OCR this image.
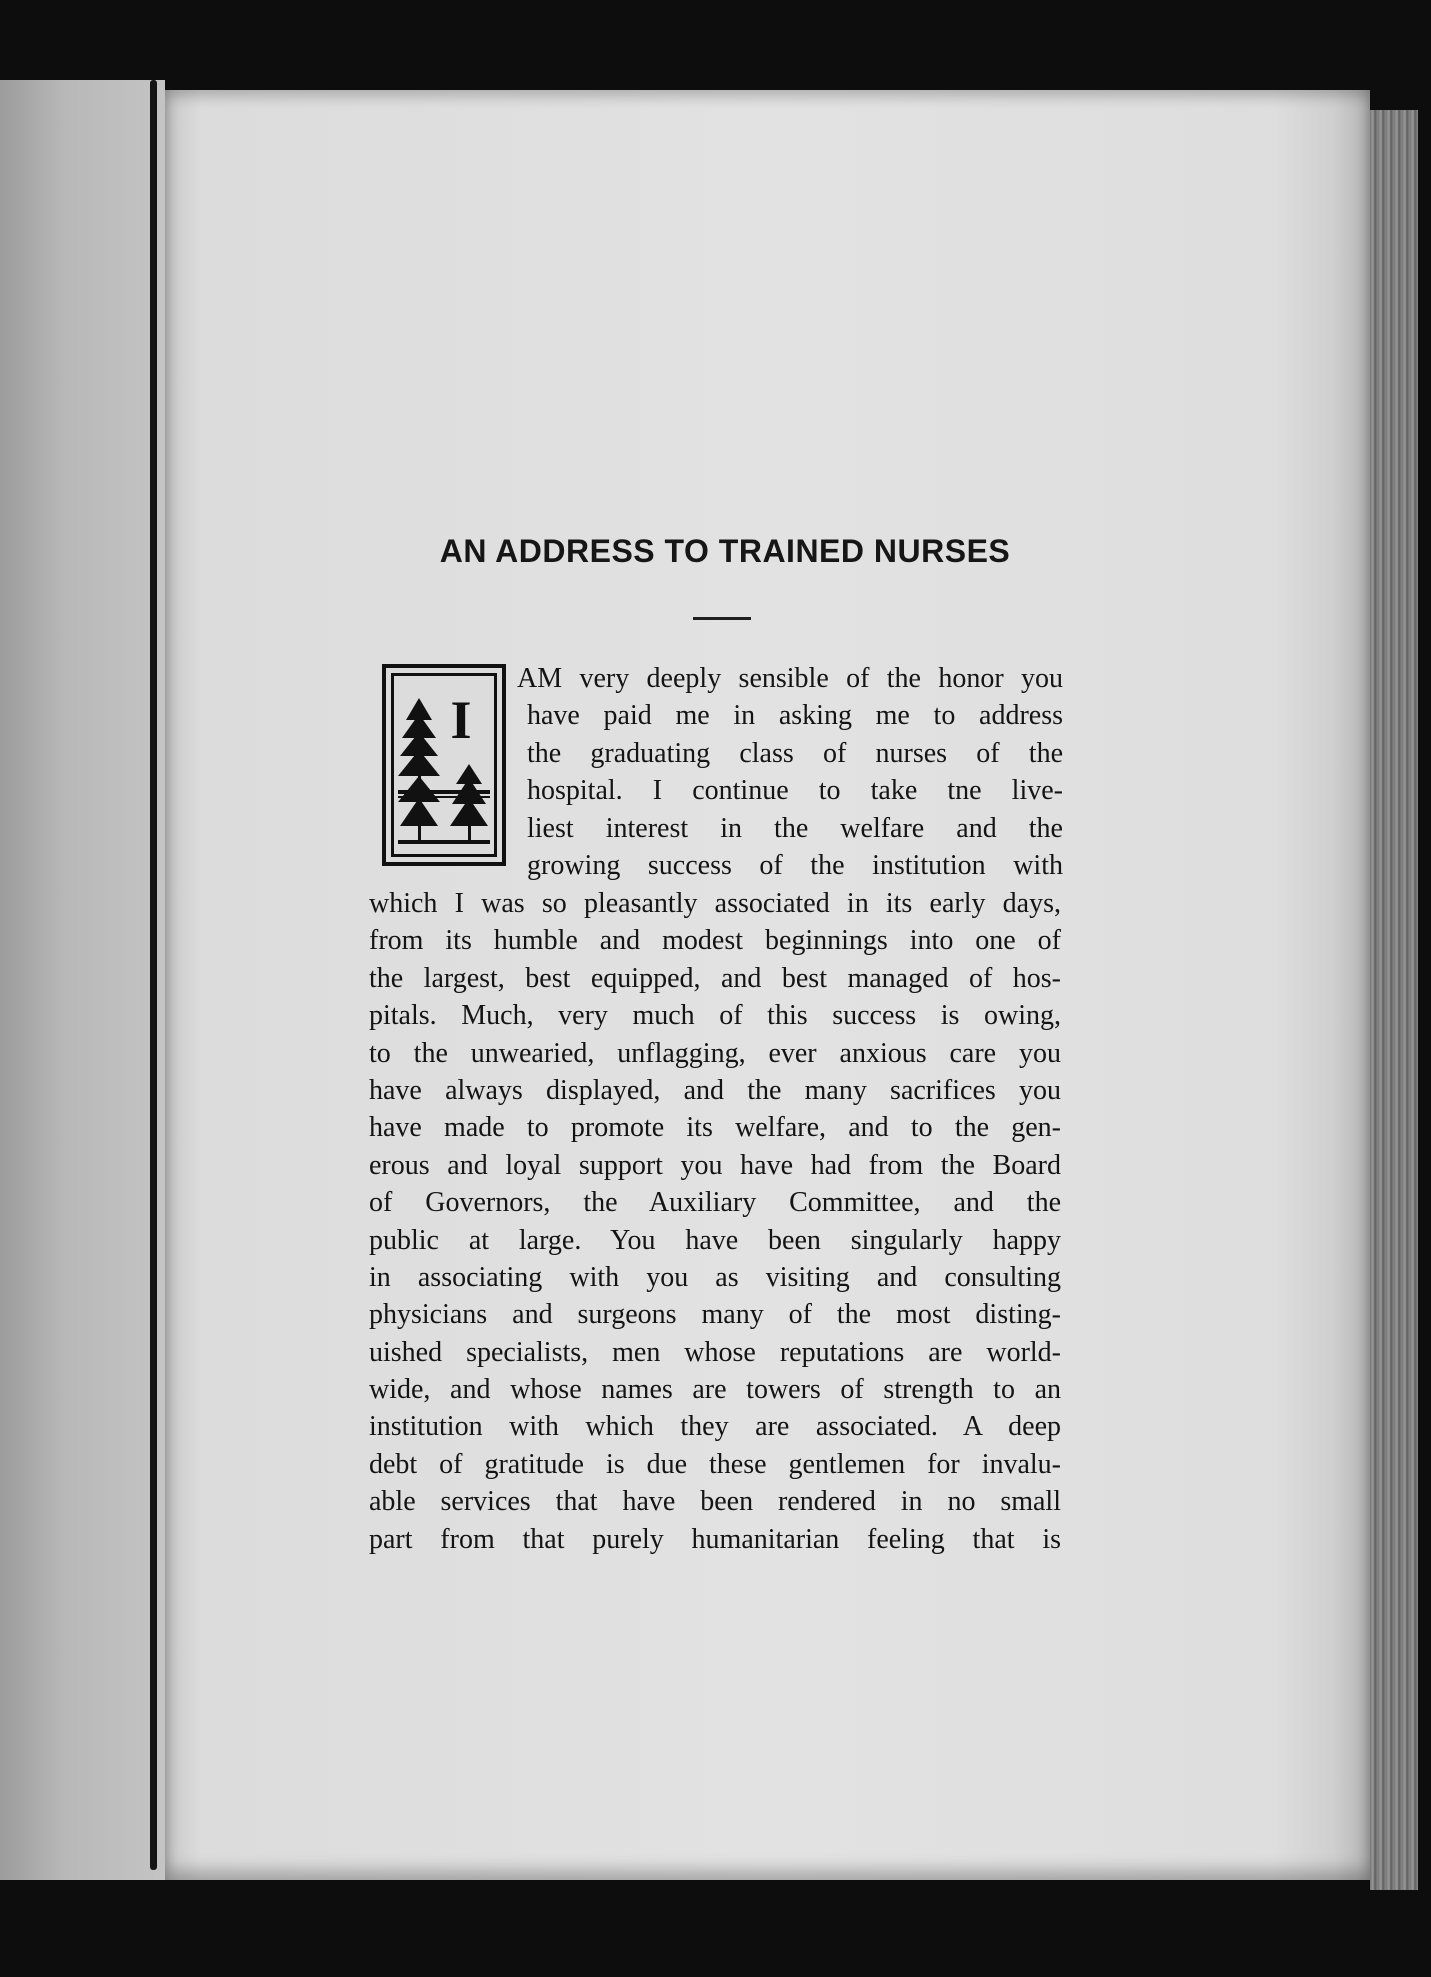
AN ADDRESS TO TRAINED NURSES
I
AM very deeply sensible of the honor you
have paid me in asking me to address
the graduating class of nurses of the
hospital. I continue to take tne live-
liest interest in the welfare and the
growing success of the institution with
which I was so pleasantly associated in its early days,
from its humble and modest beginnings into one of
the largest, best equipped, and best managed of hos-
pitals. Much, very much of this success is owing,
to the unwearied, unflagging, ever anxious care you
have always displayed, and the many sacrifices you
have made to promote its welfare, and to the gen-
erous and loyal support you have had from the Board
of Governors, the Auxiliary Committee, and the
public at large. You have been singularly happy
in associating with you as visiting and consulting
physicians and surgeons many of the most disting-
uished specialists, men whose reputations are world-
wide, and whose names are towers of strength to an
institution with which they are associated. A deep
debt of gratitude is due these gentlemen for invalu-
able services that have been rendered in no small
part from that purely humanitarian feeling that is
